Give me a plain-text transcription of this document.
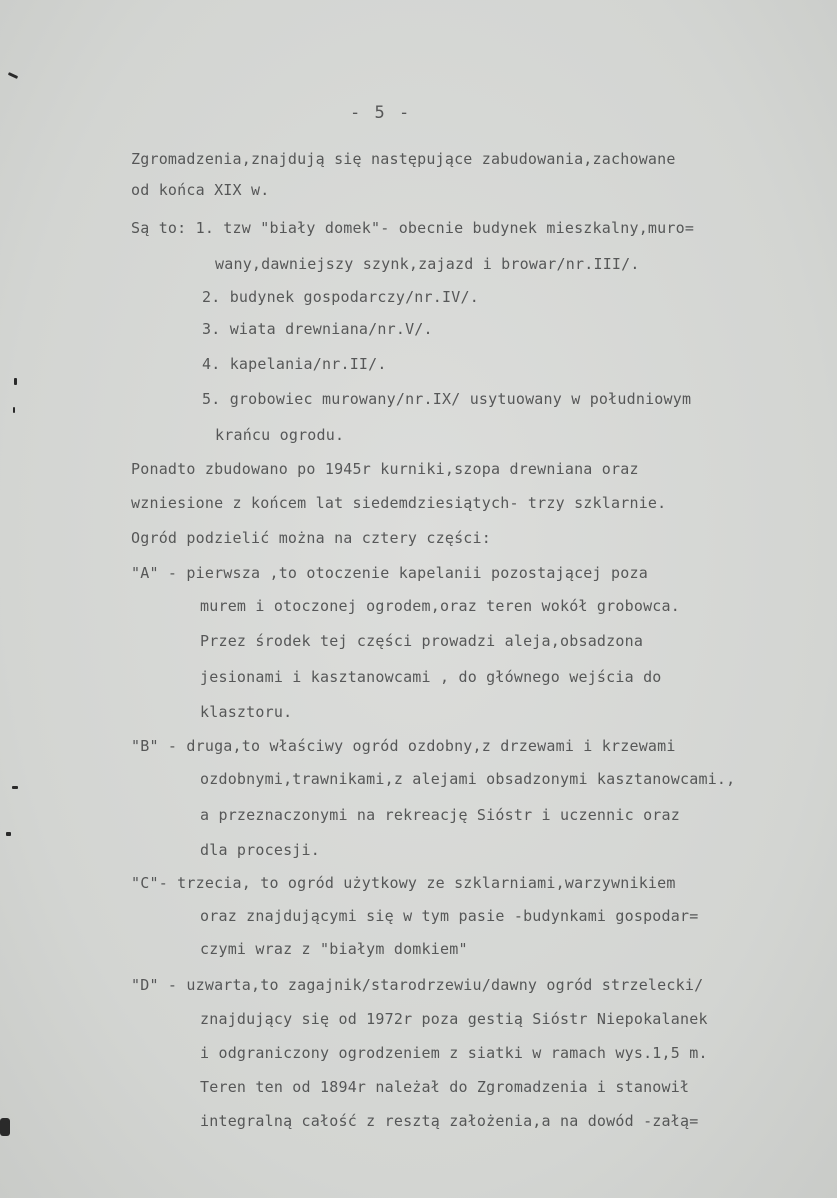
- 5 -
Zgromadzenia,znajdują się następujące zabudowania,zachowane
od końca XIX w.
Są to: 1. tzw "biały domek"- obecnie budynek mieszkalny,muro=
wany,dawniejszy szynk,zajazd i browar/nr.III/.
2. budynek gospodarczy/nr.IV/.
3. wiata drewniana/nr.V/.
4. kapelania/nr.II/.
5. grobowiec murowany/nr.IX/ usytuowany w południowym
krańcu ogrodu.
Ponadto zbudowano po 1945r kurniki,szopa drewniana oraz
wzniesione z końcem lat siedemdziesiątych- trzy szklarnie.
Ogród podzielić można na cztery części:
"A" - pierwsza ,to otoczenie kapelanii pozostającej poza
murem i otoczonej ogrodem,oraz teren wokół grobowca.
Przez środek tej części prowadzi aleja,obsadzona
jesionami i kasztanowcami , do głównego wejścia do
klasztoru.
"B" - druga,to właściwy ogród ozdobny,z drzewami i krzewami
ozdobnymi,trawnikami,z alejami obsadzonymi kasztanowcami.,
a przeznaczonymi na rekreację Sióstr i uczennic oraz
dla procesji.
"C"- trzecia, to ogród użytkowy ze szklarniami,warzywnikiem
oraz znajdującymi się w tym pasie -budynkami gospodar=
czymi wraz z "białym domkiem"
"D" - uzwarta,to zagajnik/starodrzewiu/dawny ogród strzelecki/
znajdujący się od 1972r poza gestią Sióstr Niepokalanek
i odgraniczony ogrodzeniem z siatki w ramach wys.1,5 m.
Teren ten od 1894r należał do Zgromadzenia i stanowił
integralną całość z resztą założenia,a na dowód -załą=
